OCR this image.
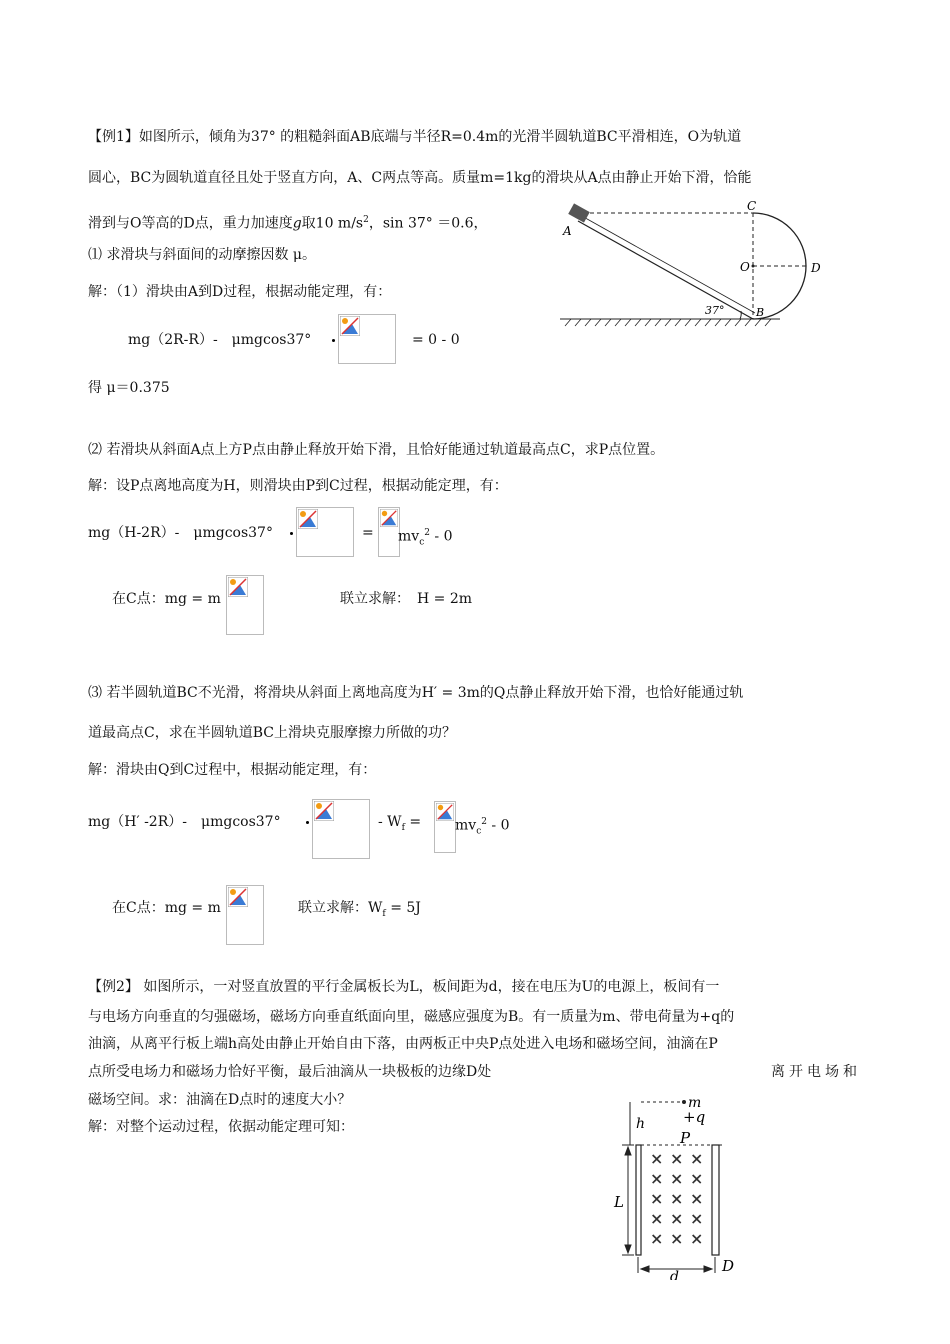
【例1】如图所示，倾角为37° 的粗糙斜面AB底端与半径R=0.4m的光滑半圆轨道BC平滑相连，O为轨道
圆心，BC为圆轨道直径且处于竖直方向，A、C两点等高。质量m=1kg的滑块从A点由静止开始下滑，恰能
滑到与O等高的D点，重力加速度g取10 $m/s^2$，sin 37° ＝0.6，
⑴ 求滑块与斜面间的动摩擦因数 μ。
解：（1）滑块由A到D过程，根据动能定理，有：
mg（2R-R）-　μmgcos37°	= 0 - 0
得 μ＝0.375
C
O	D
A
B
37°
⑵ 若滑块从斜面A点上方P点由静止释放开始下滑，且恰好能通过轨道最高点C，求P点位置。
解：设P点离地高度为H，则滑块由P到C过程，根据动能定理，有：
mg（H-2R）-　μmgcos37°	= $mv_c^2 - 0$
在C点：mg = m	联立求解：　H = 2m
⑶ 若半圆轨道BC不光滑，将滑块从斜面上离地高度为H′ = 3m的Q点静止释放开始下滑，也恰好能通过轨
道最高点C，求在半圆轨道BC上滑块克服摩擦力所做的功？
解：滑块由Q到C过程中，根据动能定理，有：
mg（H′ -2R）-　μmgcos37°	- $W_f = mv_c^2 - 0$
在C点：mg = m	联立求解：$W_f = 5J$
【例2】 如图所示，一对竖直放置的平行金属板长为L，板间距为d，接在电压为U的电源上，板间有一
与电场方向垂直的匀强磁场，磁场方向垂直纸面向里，磁感应强度为B。有一质量为m、带电荷量为+q的
油滴，从离平行板上端h高处由静止开始自由下落，由两板正中央P点处进入电场和磁场空间，油滴在P
点所受电场力和磁场力恰好平衡，最后油滴从一块极板的边缘D处	离开电场和
磁场空间。求：油滴在D点时的速度大小？
解：对整个运动过程，依据动能定理可知：
m
+q
h
P
L
d
D
× × ×
× × ×
× × ×
× × ×
× × ×
